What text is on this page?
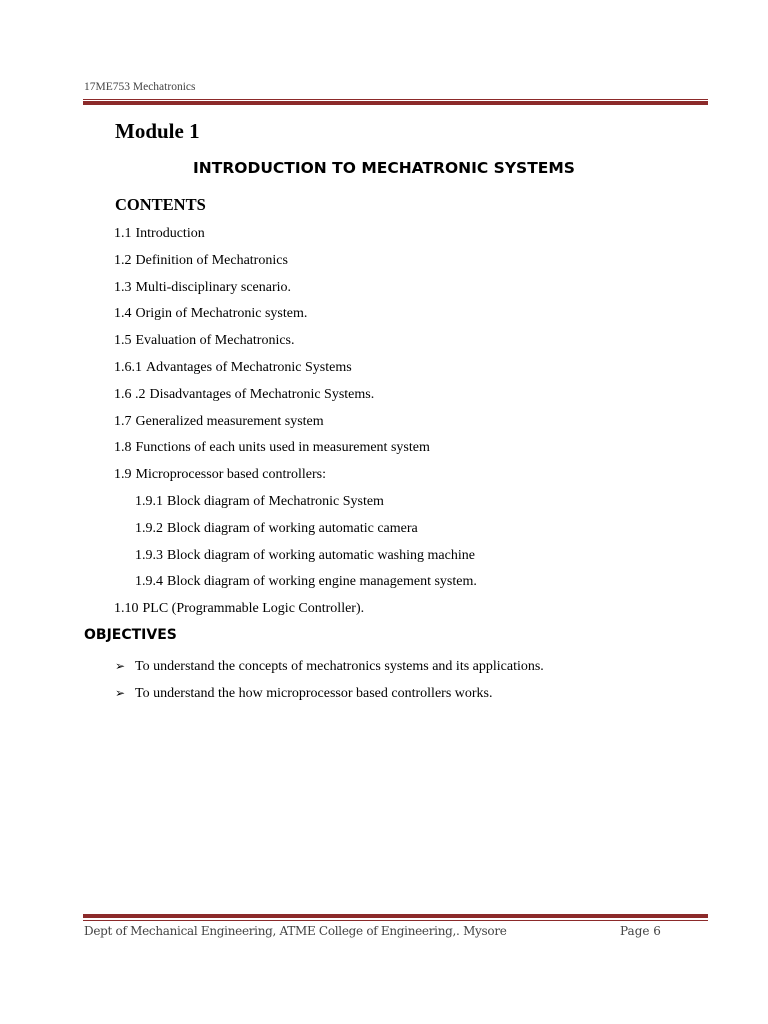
17ME753 Mechatronics
Module 1
INTRODUCTION TO MECHATRONIC SYSTEMS
CONTENTS
1.1 Introduction
1.2 Definition of Mechatronics
1.3 Multi-disciplinary scenario.
1.4 Origin of Mechatronic system.
1.5 Evaluation of Mechatronics.
1.6.1 Advantages of Mechatronic Systems
1.6 .2 Disadvantages of Mechatronic Systems.
1.7 Generalized measurement system
1.8 Functions of each units used in measurement system
1.9 Microprocessor based controllers:
1.9.1 Block diagram of Mechatronic System
1.9.2 Block diagram of working automatic camera
1.9.3 Block diagram of working automatic washing machine
1.9.4 Block diagram of working engine management system.
1.10 PLC (Programmable Logic Controller).
OBJECTIVES
➢ To understand the concepts of mechatronics systems and its applications.
➢ To understand the how microprocessor based controllers works.
Dept of Mechanical Engineering, ATME College of Engineering,. Mysore	Page 6
